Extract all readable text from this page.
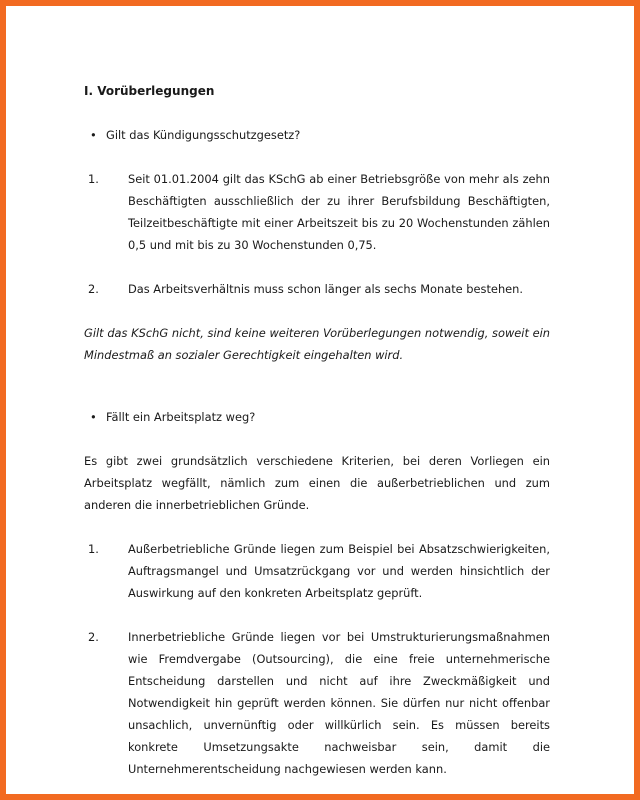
I. Vorüberlegungen

• Gilt das Kündigungsschutzgesetz?

1.	Seit 01.01.2004 gilt das KSchG ab einer Betriebsgröße von mehr als zehn Beschäftigten ausschließlich der zu ihrer Berufsbildung Beschäftigten, Teilzeitbeschäftigte mit einer Arbeitszeit bis zu 20 Wochenstunden zählen 0,5 und mit bis zu 30 Wochenstunden 0,75.

2.	Das Arbeitsverhältnis muss schon länger als sechs Monate bestehen.

Gilt das KSchG nicht, sind keine weiteren Vorüberlegungen notwendig, soweit ein Mindestmaß an sozialer Gerechtigkeit eingehalten wird.

• Fällt ein Arbeitsplatz weg?

Es gibt zwei grundsätzlich verschiedene Kriterien, bei deren Vorliegen ein Arbeitsplatz wegfällt, nämlich zum einen die außerbetrieblichen und zum anderen die innerbetrieblichen Gründe.

1.	Außerbetriebliche Gründe liegen zum Beispiel bei Absatzschwierigkeiten, Auftragsmangel und Umsatzrückgang vor und werden hinsichtlich der Auswirkung auf den konkreten Arbeitsplatz geprüft.

2.	Innerbetriebliche Gründe liegen vor bei Umstrukturierungsmaßnahmen wie Fremdvergabe (Outsourcing), die eine freie unternehmerische Entscheidung darstellen und nicht auf ihre Zweckmäßigkeit und Notwendigkeit hin geprüft werden können. Sie dürfen nur nicht offenbar unsachlich, unvernünftig oder willkürlich sein. Es müssen bereits konkrete Umsetzungsakte nachweisbar sein, damit die Unternehmerentscheidung nachgewiesen werden kann.
